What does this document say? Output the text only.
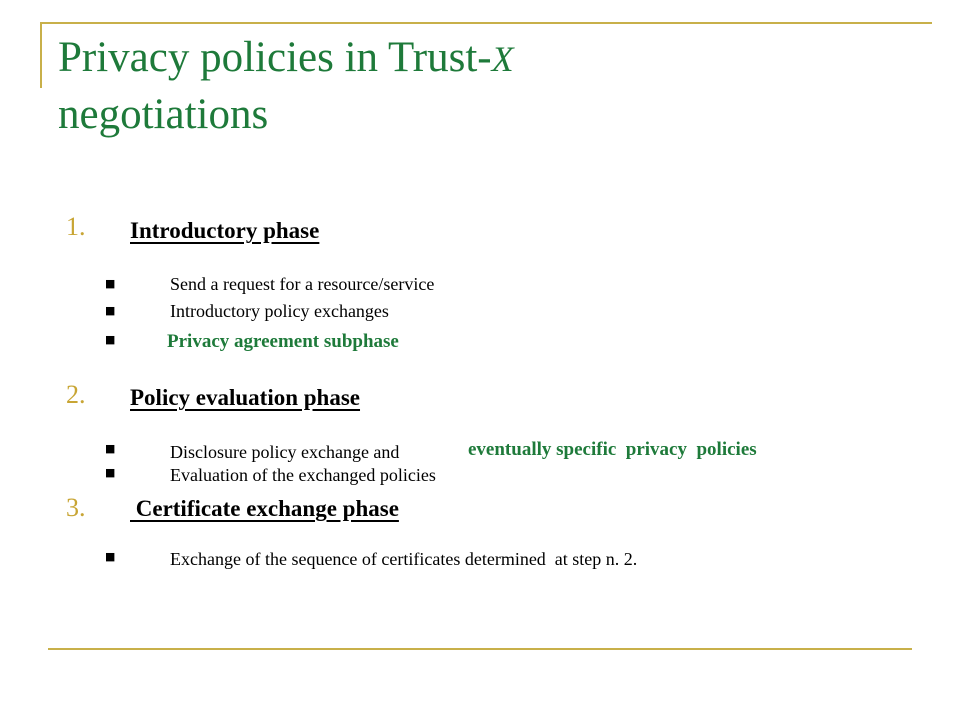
Privacy policies in Trust-X
negotiations
1. Introductory phase
■
Send a request for a resource/service
■
Introductory policy exchanges
■
Privacy agreement subphase
2. Policy evaluation phase
■
Disclosure policy exchange and	eventually specific  privacy  policies
■
Evaluation of the exchanged policies
3. Certificate exchange phase
■
Exchange of the sequence of certificates determined  at step n. 2.
